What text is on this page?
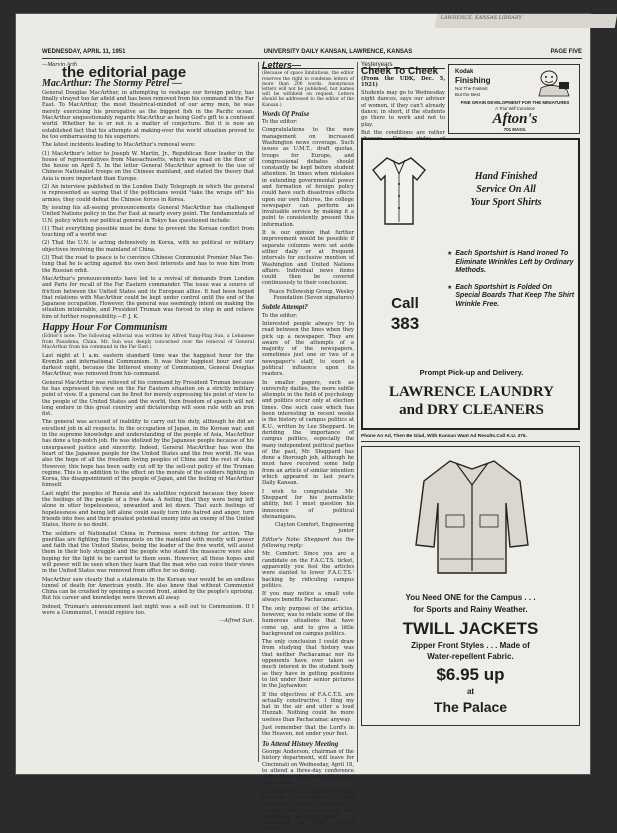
LAWRENCE, KANSAS LIBRARY
WEDNESDAY, APRIL 11, 1951	UNIVERSITY DAILY KANSAN, LAWRENCE, KANSAS	PAGE FIVE
—Marvin Arth
the editorial page
MacArthur: The Stormy Petrel —

General Douglas MacArthur, in attempting to reshape our foreign policy, has finally strayed too far afield and has been removed from his command in the Far East. To MacArthur, the most theatrical-minded of our army men, he was merely exercising his prerogative as the biggest fish in the Pacific ocean. MacArthur unquestionably regards MacArthur as being God's gift to a confused world. Whether he is or not is a matter of conjecture. But it is now an established fact that his attempts at making-over the world situation proved to be too embarrassing to his superiors.

The latest incidents leading to MacArthur's removal were:

(1) MacArthur's letter to Joseph W. Martin, Jr., Republican floor leader in the house of representatives from Massachusetts, which was read on the floor of the house on April 5. In the letter General MacArthur agreed to the use of Chinese Nationalist troops on the Chinese mainland, and stated the theory that Asia is more important than Europe.

(2) An interview published in the London Daily Telegraph in which the general is represented as saying that if the politicians would "take the wraps off" his armies, they could defeat the Chinese forces in Korea.

By issuing his all-seeing pronouncements General MacArthur has challenged United Nations policy in the Far East at nearly every point. The fundamentals of U.N. policy which our political general in Tokyo has questioned include:

(1) That everything possible must be done to prevent the Korean conflict from touching off a world war.

(2) That the U.N. is acting defensively in Korea, with no political or military objectives involving the mainland of China.

(3) That the road to peace is to convince Chinese Communist Premier Mao Tse-tung that he is acting against his own best interests and has to woo him from the Russian orbit.

MacArthur's pronouncements have led to a revival of demands from London and Paris for recall of the Far Eastern commander. The issue was a source of friction between the United States and its European allies. It had been hoped that relations with MacArthur could be kept under control until the end of the Japanese occupation. However, the general was seemingly intent on making the situation intolerable, and President Truman was forced to step in and relieve him of further responsibility.—F. J. K.

Happy Hour For Communism

(Editor's note: The following editorial was written by Alfred Yung-Ping Sun, a Lebanese from Pasadena, China. Mr. Sun was deeply concerned over the removal of General MacArthur from his command in the Far East.)

Last night at 1 a.m. eastern standard time was the happiest hour for the Kremlin and international Communism. It was their happiest hour and our darkest night, because the bitterest enemy of Communism, General Douglas MacArthur, was removed from his command.

General MacArthur was relieved of his command by President Truman because he has expressed his view on the Far Eastern situation on a strictly military point of view. If a general can be fired for merely expressing his point of view to the people of the United States and the world, then freedom of speech will not long endure in this great country and dictatorship will soon rule with an iron fist.

The general was accused of inability to carry out his duty, although he did an excellent job in all respects. In the occupation of Japan, in the Korean war, and in the supreme knowledge and understanding of the people of Asia, MacArthur has done a top-notch job. He was idolized by the Japanese people because of his unsurpassed justice and sincerity. Indeed, General MacArthur has won the heart of the Japanese people for the United States and the free world. He was also the hope of all the freedom loving peoples of China and the rest of Asia. However, this hope has been sadly cut off by the sell-out policy of the Truman regime. This is in addition to the effect on the morale of the soldiers fighting in Korea, the disappointment of the people of Japan, and the feeling of MacArthur himself.

Last night the peoples of Russia and its satellites rejoiced because they knew the feelings of the people of a free Asia. A feeling that they were being left alone in utter hopelessness, unwanted and let down. That such feelings of hopelessness and being left alone could easily turn into hatred and anger, turn friends into foes and their greatest potential enemy into an enemy of the United States, there is no doubt.

The soldiers of Nationalist China in Formosa were itching for action. The guerillas are fighting the Communists on the mainland with mostly will power and faith that the United States, being the leader of the free world, will assist them in their holy struggle and the people who stand the massacre were also hoping for the light to be carried to them soon. However, all these hopes and will power will be seen when they learn that the man who can voice their views in the United States was removed from office for so doing.

MacArthur saw clearly that a stalemate in the Korean war would be an endless tunnel of death for American youth. He also knew that without Communist China can be crushed by opening a second front, aided by the people's uprising. But his career and knowledge were thrown all away.

Indeed, Truman's announcement last night was a sell out to Communism. If I were a Communist, I would rejoice too.

—Alfred Sun.
Letters—

(Because of space limitations, the editor reserves the right to condense letters of more than 200 words. Anonymous letters will not be published, but names will be withheld on request. Letters should be addressed to the editor of the Kansan.)

Words Of Praise

To the editor:

Congratulations to the new management on increased Washington news coverage. Such issues as U.M.T., draft quotas, troops for Europe, and congressional debates should constantly be kept before student attention. In times when mistakes in extending governmental power and formation of foreign policy could have such disastrous effects upon our own futures, the college newspaper can perform an invaluable service by making it a point to consistently present this information.

It is our opinion that further improvement would be possible if separate columns were set aside either daily or at frequent intervals for exclusive mention of Washington and United Nations affairs. Individual news items could then be covered continuously to their conclusion.

Peace Fellowship Group, Wesley Foundation (Seven signatures)

Subtle Attempt?

To the editor:

Interested people always try to read between the lines when they pick up a newspaper. They are aware of the attempts of a majority of the newspapers, sometimes just one or two of a newspaper's staff, to exert a political influence upon its readers.

In smaller papers, such as university dailies, the more subtle attempts in the field of psychology and politics occur only at election times. One such case which has been interesting in recent weeks is the history of campus politics at K.U., written by Lee Sheppard. In deriding the importance of campus politics, especially the many independent political parties of the past, Mr. Sheppard has done a thorough job, although he must have received some help from an article of similar intention which appeared in last year's Daily Kansan.

I wish to congratulate Mr. Sheppard for his journalistic ability, but I must question his innocence of political shenanigans.

Clayton Comfort, Engineering junior

Editor's Note: Sheppard has the following reply:

Mr. Comfort: Since you are a candidate on the F.A.C.T.S. ticket, apparently you feel the articles were slanted to lower F.A.C.T.S.' backing by ridiculing campus politics.

If you may notice a small vote always benefits Pachacamac.

The only purpose of the articles, however, was to relate some of the humorous situations that have come up, and to give a little background on campus politics.

The only conclusion I could draw from studying that history was that neither Pachacamac nor its opponents have ever taken so much interest in the student body as they have in getting positions to list under their senior pictures in the Jayhawker.

If the objectives of F.A.C.T.S. are actually constructive, I fling my hat in the air and utter a loud Huzzah. Nothing could be more useless than Pachacamac anyway.

Just remember that the Lord's in the Heaven, not under your feet.

To Attend History Meeting

George Anderson, chairman of the history department, will leave for Cincinnati on Wednesday, April 18, to attend a three-day conference of the Mississippi Valley Historical association.

Dr. Anderson is chairman of the program committee. Stitt Robinson, assistant professor of history, will also attend the conference and participate in a discussion on 18th century America.

Yesteryears
Cheek To Cheek

(From the UDK, Dec. 5, 1921)

Students may go to Wednesday night dances, says our adviser of women, if they can't already dance; in short, if the students go there to work and not to play.

But the conditions are rather

Kodak
Finishing
Not The Fastest
But the Best
FINE GRAIN DEVELOPMENT FOR THE MINIATURES
A Trial Will Convince
Afton's
701 MASS.
Hand Finished
Service On All
Your Sport Shirts
Call
383
★ Each Sportshirt is Hand Ironed To Eliminate Wrinkles Left by Ordinary Methods.
★ Each Sportshirt Is Folded On Special Boards That Keep The Shirt Wrinkle Free.
Prompt Pick-up and Delivery.
LAWRENCE LAUNDRY
and DRY CLEANERS
Phone An Ad, Then Be Glad, With Kansan Want Ad Results.Call K.U. 376.
You Need ONE for the Campus . . .
for Sports and Rainy Weather.
TWILL JACKETS
Zipper Front Styles . . . Made of
Water-repellent Fabric.
$6.95 up
at
The Palace
